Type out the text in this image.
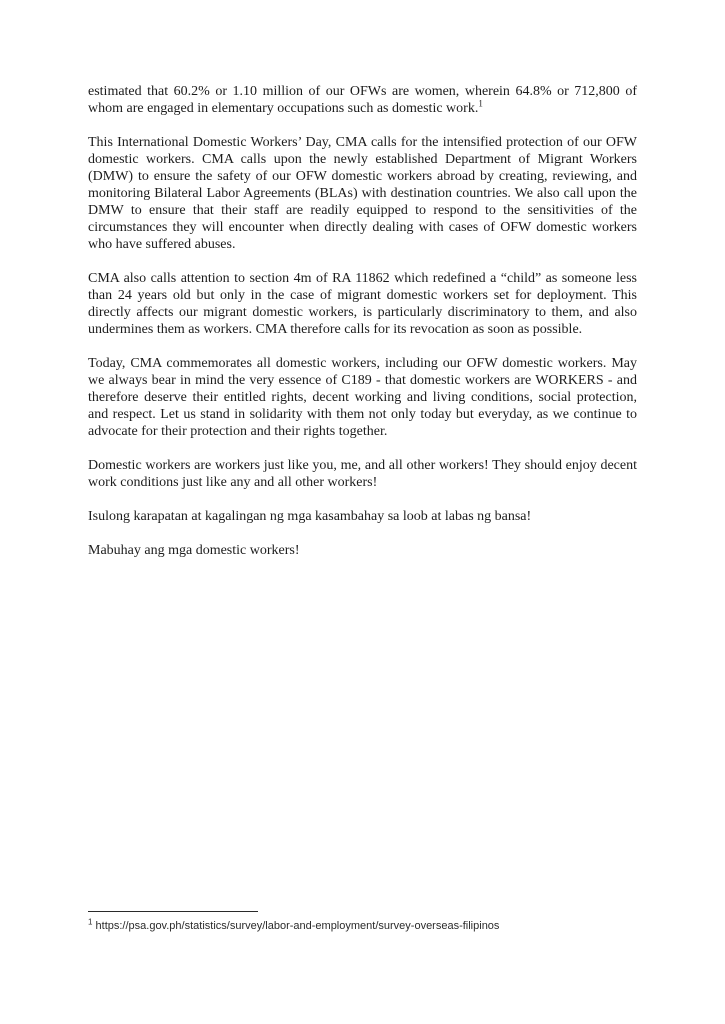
estimated that 60.2% or 1.10 million of our OFWs are women, wherein 64.8% or 712,800 of whom are engaged in elementary occupations such as domestic work.$^1$

This International Domestic Workers’ Day, CMA calls for the intensified protection of our OFW domestic workers. CMA calls upon the newly established Department of Migrant Workers (DMW) to ensure the safety of our OFW domestic workers abroad by creating, reviewing, and monitoring Bilateral Labor Agreements (BLAs) with destination countries. We also call upon the DMW to ensure that their staff are readily equipped to respond to the sensitivities of the circumstances they will encounter when directly dealing with cases of OFW domestic workers who have suffered abuses.

CMA also calls attention to section 4m of RA 11862 which redefined a “child” as someone less than 24 years old but only in the case of migrant domestic workers set for deployment. This directly affects our migrant domestic workers, is particularly discriminatory to them, and also undermines them as workers. CMA therefore calls for its revocation as soon as possible.

Today, CMA commemorates all domestic workers, including our OFW domestic workers. May we always bear in mind the very essence of C189 - that domestic workers are WORKERS - and therefore deserve their entitled rights, decent working and living conditions, social protection, and respect. Let us stand in solidarity with them not only today but everyday, as we continue to advocate for their protection and their rights together.

Domestic workers are workers just like you, me, and all other workers! They should enjoy decent work conditions just like any and all other workers!

Isulong karapatan at kagalingan ng mga kasambahay sa loob at labas ng bansa!

Mabuhay ang mga domestic workers!

$^1$ https://psa.gov.ph/statistics/survey/labor-and-employment/survey-overseas-filipinos
